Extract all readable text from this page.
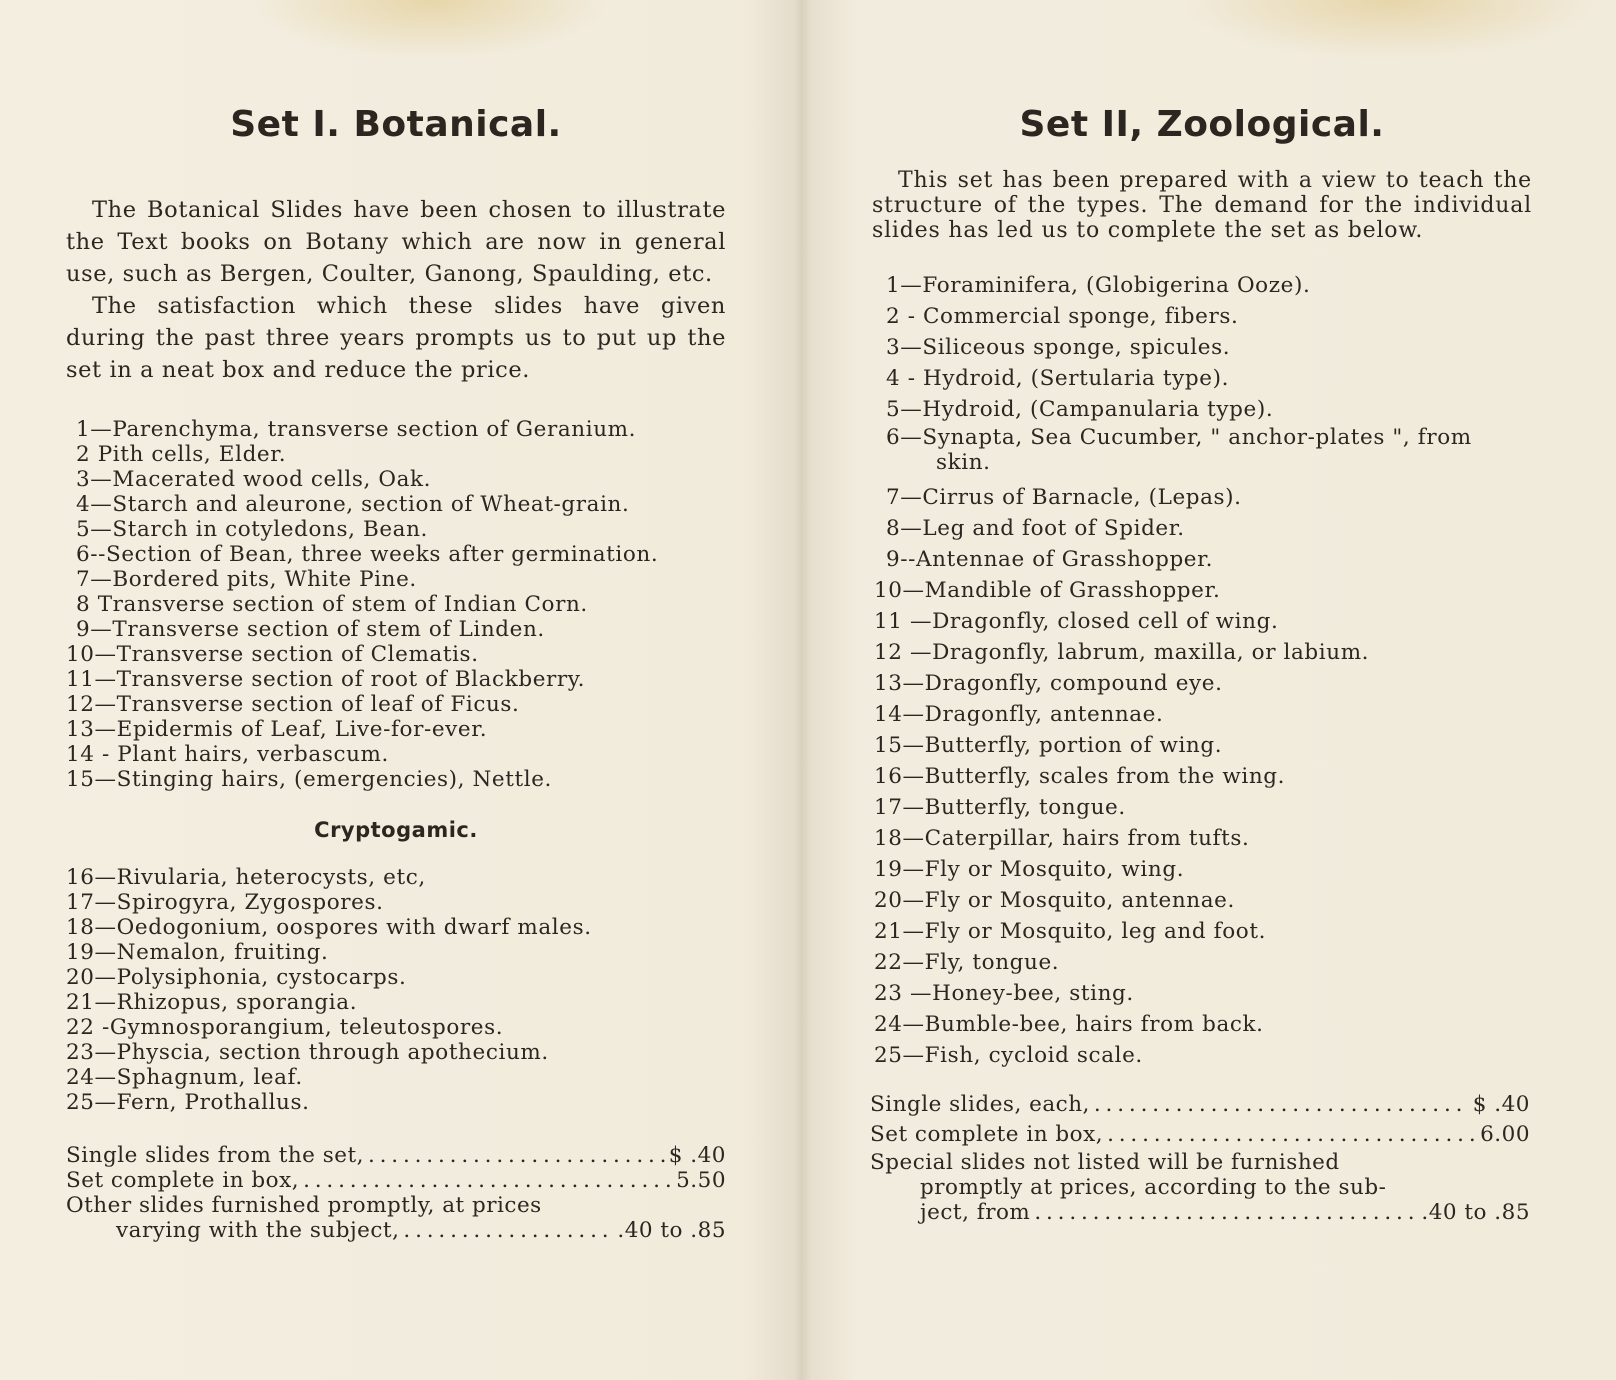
Set I. Botanical.

The Botanical Slides have been chosen to illustrate the Text books on Botany which are now in general use, such as Bergen, Coulter, Ganong, Spaulding, etc.

The satisfaction which these slides have given during the past three years prompts us to put up the set in a neat box and reduce the price.

1—Parenchyma, transverse section of Geranium.
2 Pith cells, Elder.
3—Macerated wood cells, Oak.
4—Starch and aleurone, section of Wheat-grain.
5—Starch in cotyledons, Bean.
6--Section of Bean, three weeks after germination.
7—Bordered pits, White Pine.
8 Transverse section of stem of Indian Corn.
9—Transverse section of stem of Linden.
10—Transverse section of Clematis.
11—Transverse section of root of Blackberry.
12—Transverse section of leaf of Ficus.
13—Epidermis of Leaf, Live-for-ever.
14 - Plant hairs, verbascum.
15—Stinging hairs, (emergencies), Nettle.
Cryptogamic.
16—Rivularia, heterocysts, etc,
17—Spirogyra, Zygospores.
18—Oedogonium, oospores with dwarf males.
19—Nemalon, fruiting.
20—Polysiphonia, cystocarps.
21—Rhizopus, sporangia.
22 -Gymnosporangium, teleutospores.
23—Physcia, section through apothecium.
24—Sphagnum, leaf.
25—Fern, Prothallus.
Single slides from the set, . . .	$ .40
Set complete in box, . . .	5.50
Other slides furnished promptly, at prices
varying with the subject, . . .	.40 to .85
Set II, Zoological.

This set has been prepared with a view to teach the structure of the types. The demand for the individual slides has led us to complete the set as below.

1—Foraminifera, (Globigerina Ooze).
2 - Commercial sponge, fibers.
3—Siliceous sponge, spicules.
4 - Hydroid, (Sertularia type).
5—Hydroid, (Campanularia type).
6—Synapta, Sea Cucumber, " anchor-plates ", from skin.
7—Cirrus of Barnacle, (Lepas).
8—Leg and foot of Spider.
9--Antennae of Grasshopper.
10—Mandible of Grasshopper.
11 —Dragonfly, closed cell of wing.
12 —Dragonfly, labrum, maxilla, or labium.
13—Dragonfly, compound eye.
14—Dragonfly, antennae.
15—Butterfly, portion of wing.
16—Butterfly, scales from the wing.
17—Butterfly, tongue.
18—Caterpillar, hairs from tufts.
19—Fly or Mosquito, wing.
20—Fly or Mosquito, antennae.
21—Fly or Mosquito, leg and foot.
22—Fly, tongue.
23 —Honey-bee, sting.
24—Bumble-bee, hairs from back.
25—Fish, cycloid scale.
Single slides, each, . . .	$ .40
Set complete in box, . . .	6.00
Special slides not listed will be furnished
promptly at prices, according to the sub-
ject, from . . .	.40 to .85
